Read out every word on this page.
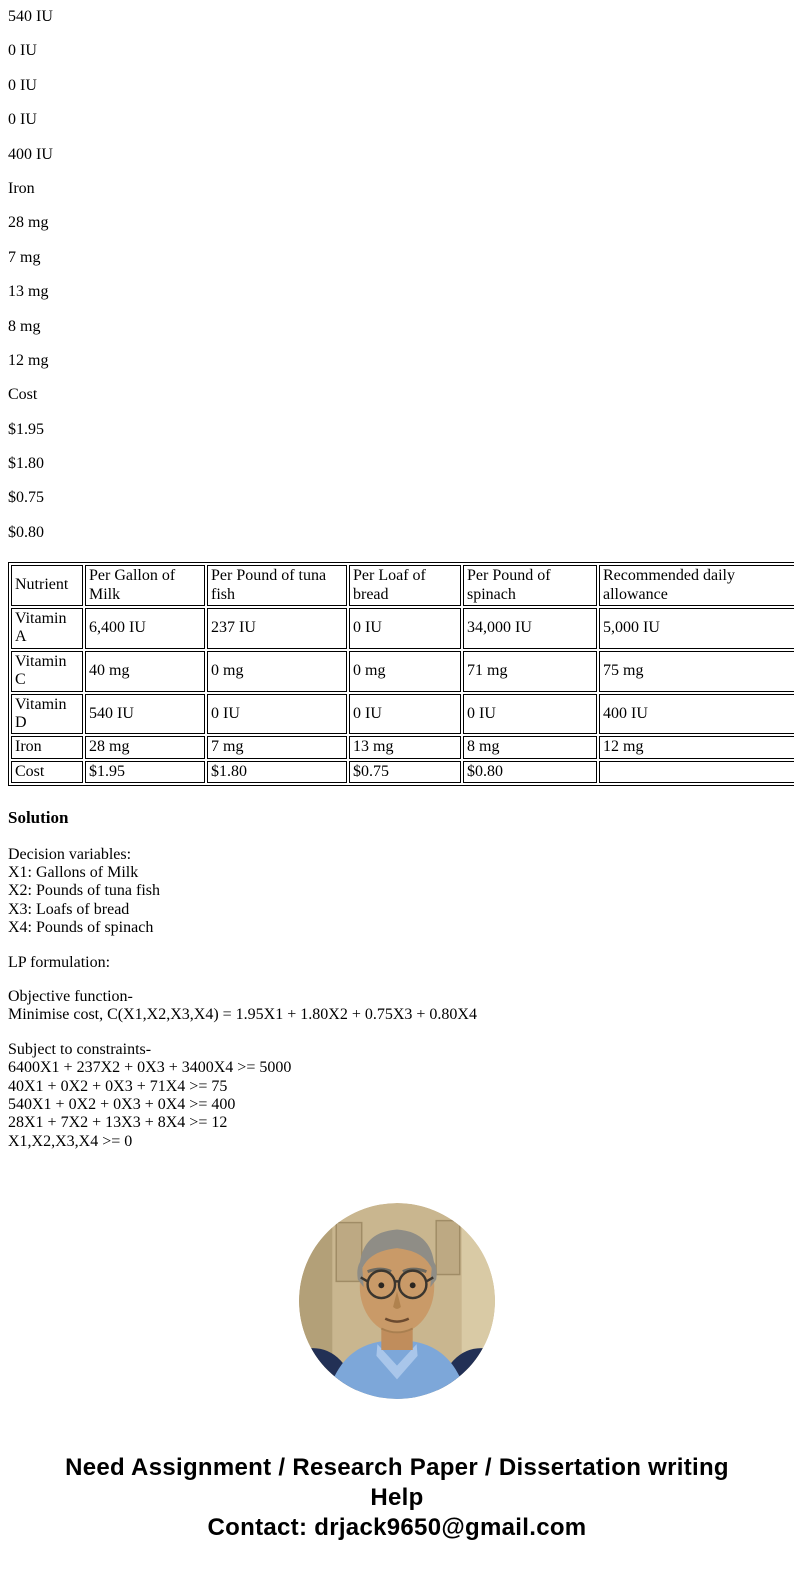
540 IU

0 IU

0 IU

0 IU

400 IU

Iron

28 mg

7 mg

13 mg

8 mg

12 mg

Cost

$1.95

$1.80

$0.75

$0.80

Nutrient	Per Gallon of Milk	Per Pound of tuna fish	Per Loaf of bread	Per Pound of spinach	Recommended daily allowance
Vitamin A	6,400 IU	237 IU	0 IU	34,000 IU	5,000 IU
Vitamin C	40 mg	0 mg	0 mg	71 mg	75 mg
Vitamin D	540 IU	0 IU	0 IU	0 IU	400 IU
Iron	28 mg	7 mg	13 mg	8 mg	12 mg
Cost	$1.95	$1.80	$0.75	$0.80	

Solution

Decision variables:
X1: Gallons of Milk
X2: Pounds of tuna fish
X3: Loafs of bread
X4: Pounds of spinach

LP formulation:

Objective function-
Minimise cost, C(X1,X2,X3,X4) = 1.95X1 + 1.80X2 + 0.75X3 + 0.80X4

Subject to constraints-
6400X1 + 237X2 + 0X3 + 3400X4 >= 5000
40X1 + 0X2 + 0X3 + 71X4 >= 75
540X1 + 0X2 + 0X3 + 0X4 >= 400
28X1 + 7X2 + 13X3 + 8X4 >= 12
X1,X2,X3,X4 >= 0

Need Assignment / Research Paper / Dissertation writing Help
Contact: drjack9650@gmail.com
